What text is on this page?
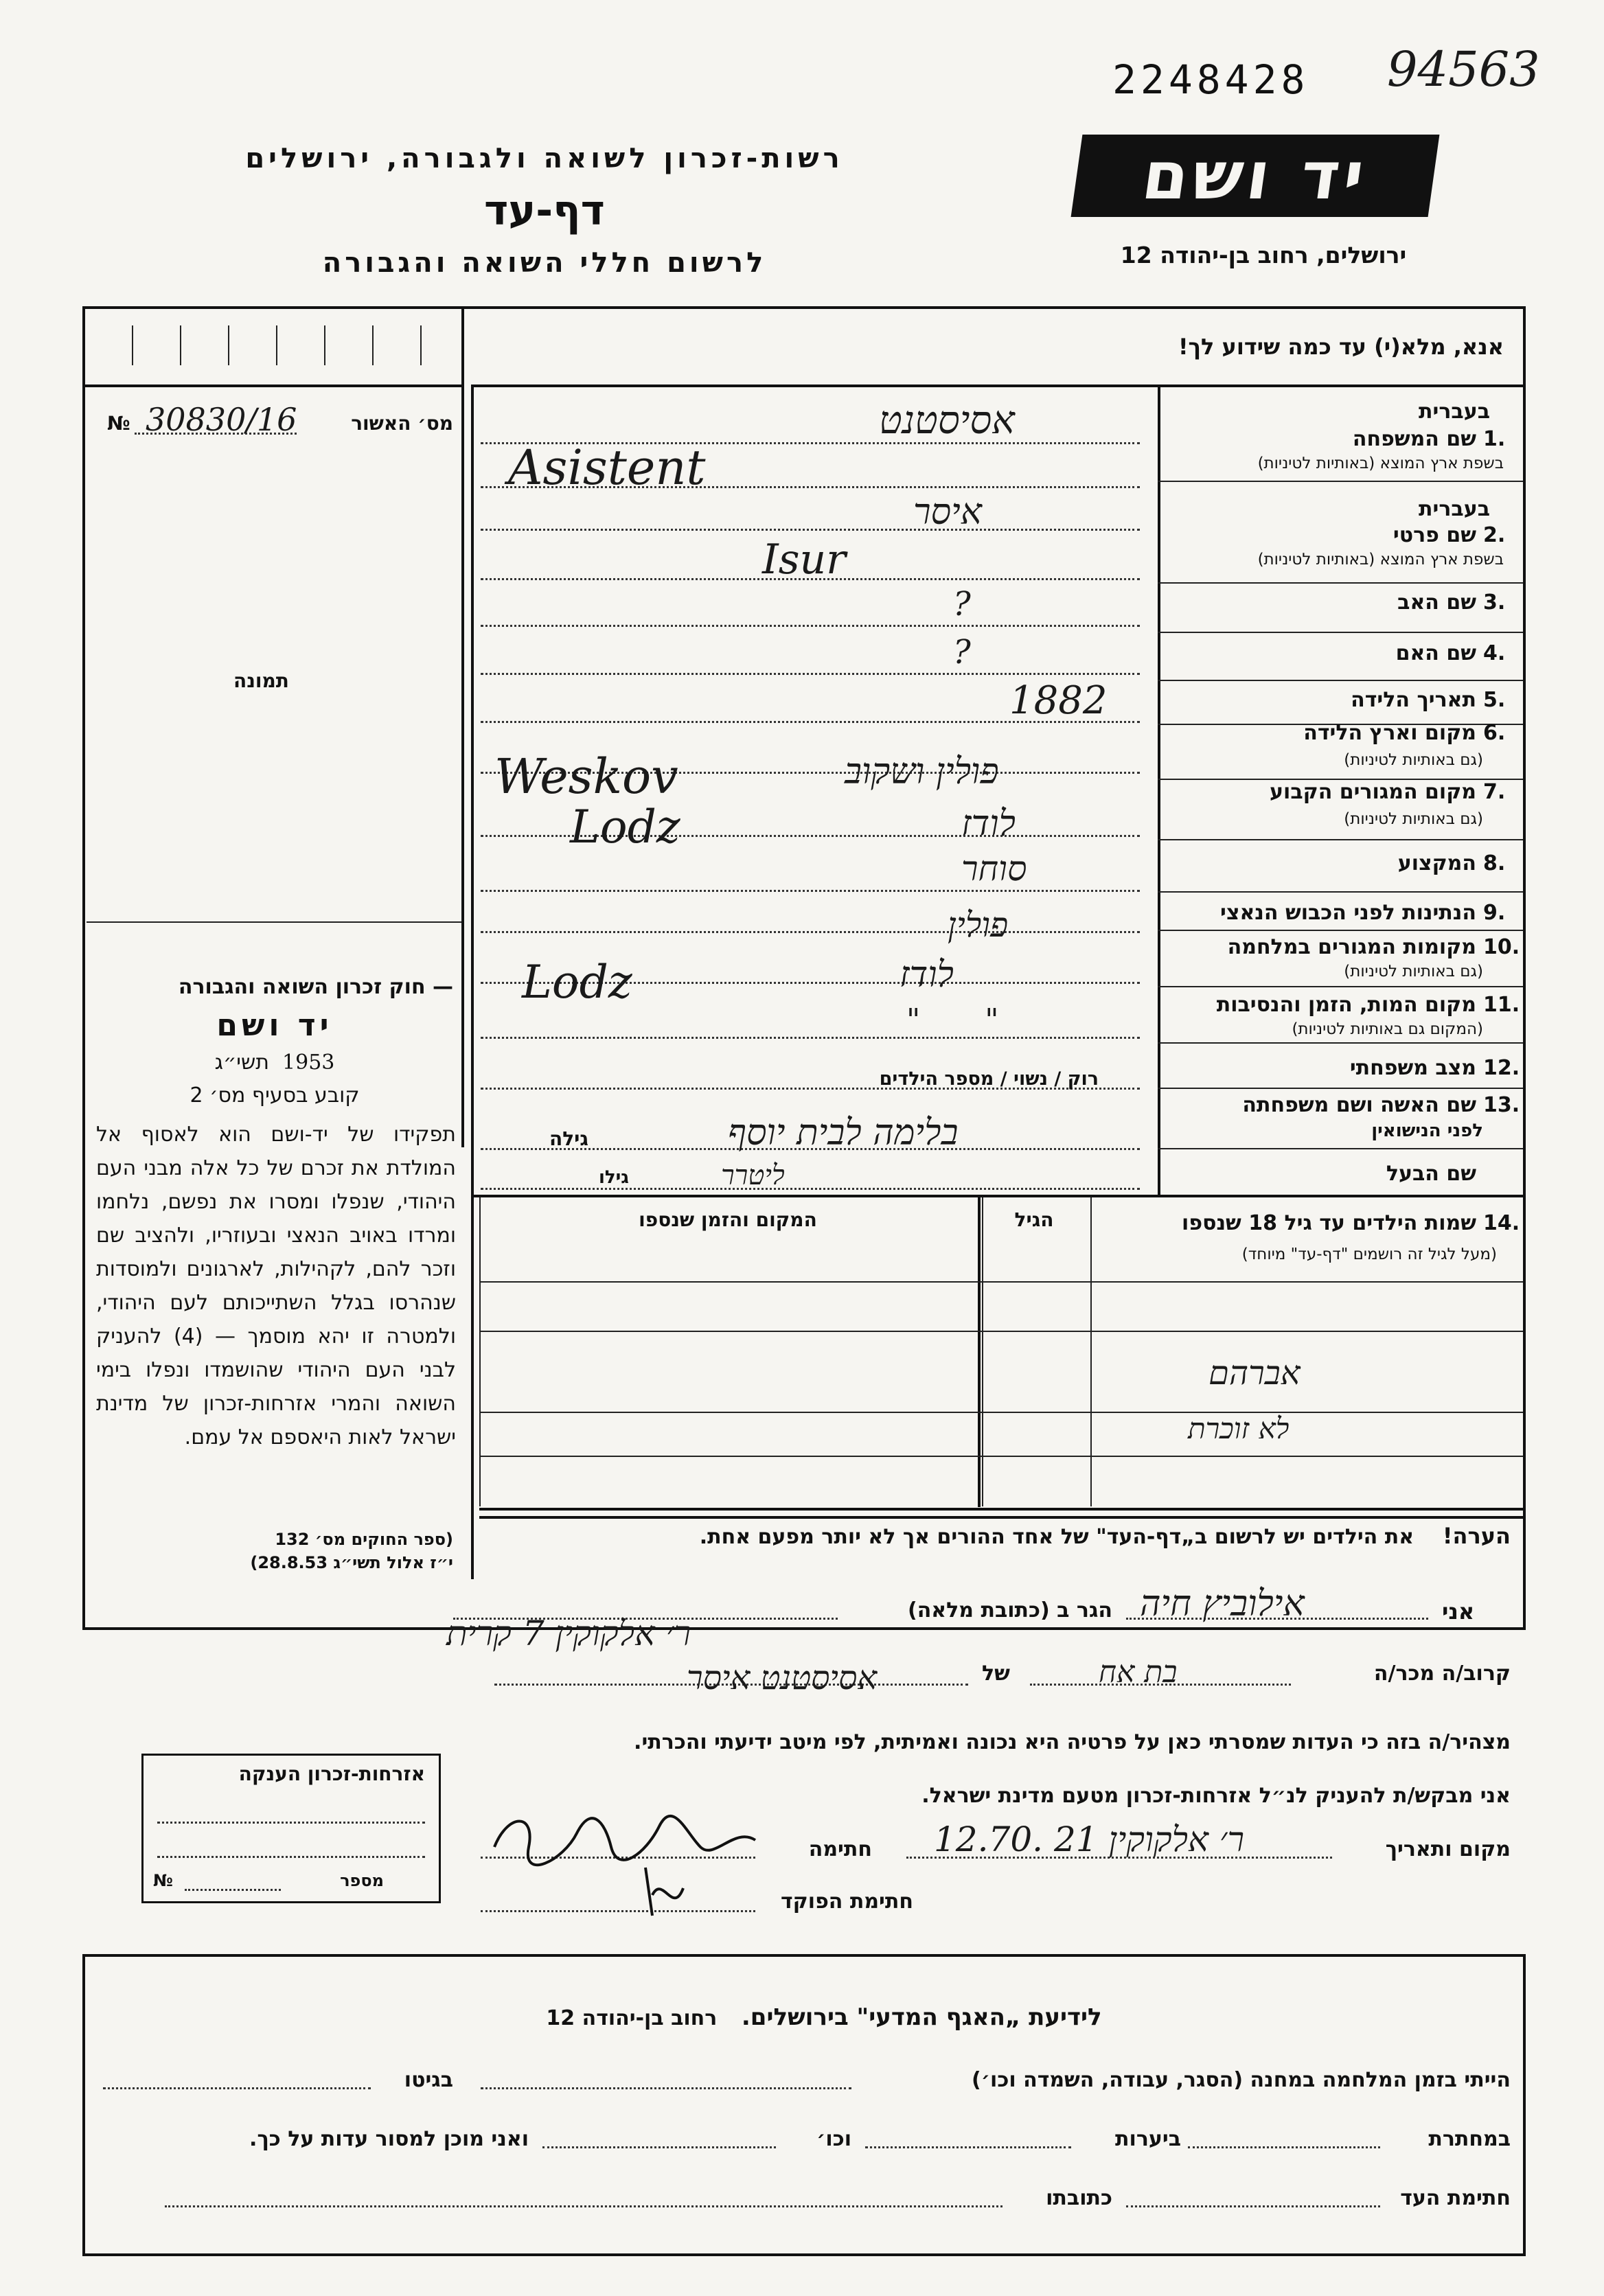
2248428 94563
רשות-זכרון לשואה ולגבורה, ירושלים
דף-עד
לרשום חללי השואה והגבורה
יד ושם
ירושלים, רחוב בן-יהודה 12
אנא, מלא(י) עד כמה שידוע לך!
מס׳ האשור
№ 30830/16
תמונה
— חוק זכרון השואה והגבורה
יד ושם
תשי״ג 1953
קובע בסעיף מס׳ 2
תפקידו של יד-ושם הוא לאסוף אל המולדת את זכרם של כל אלה מבני העם היהודי, שנפלו ומסרו את נפשם, נלחמו ומרדו באויב הנאצי ובעוזריו, ולהציב שם וזכר להם, לקהילות, לארגונים ולמוסדות שנהרסו בגלל השתייכותם לעם היהודי, ולמטרה זו יהא מוסמך — (4) להעניק לבני העם היהודי שהושמדו ונפלו בימי השואה והמרי אזרחות-זכרון של מדינת ישראל לאות היאספם אל עמם.
(ספר החוקים מס׳ 132
י״ז אלול תשי״ג 28.8.53)
בעברית
1.
שם המשפחה
בשפת ארץ המוצא (באותיות לטיניות)
אסיסטנט
Asistent
בעברית
2.
שם פרטי
בשפת ארץ המוצא (באותיות לטיניות)
איסר
Isur
3.
שם האב
?
4.
שם האם
?
5.
תאריך הלידה
1882
6.
מקום וארץ הלידה
(גם באותיות לטיניות)
פולין ושקוב
Weskov	7.
מקום המגורים הקבוע
(גם באותיות לטיניות)
לודז
Lodz
8.
המקצוע
סוחר
9.
הנתינות לפני הכבוש הנאצי
פולין
10.
מקומות המגורים במלחמה
(גם באותיות לטיניות)
לודז
Lodz	11.
מקום המות, הזמן והנסיבות
(המקום גם באותיות לטיניות)
" "
12.
מצב משפחתי
רוק / נשוי / מספר הילדים
13.
שם האשה ושם משפחתה
לפני הנישואין
בלימה לבית יוסף
גילה
שם הבעל
ליטרר
גילו
14.
שמות הילדים עד גיל 18 שנספו
(מעל לגיל זה רושמים "דף-עד" מיוחד)
הגיל
המקום והזמן שנספו
אברהם
לא זוכרת
הערה!    את הילדים יש לרשום ב„דף-העד" של אחד ההורים אך לא יותר מפעם אחת.
אני
אילוביץ חיה
הגר ב (כתובת מלאה)
ר׳ אלקוקין 7 קרית
קרוב/ה מכר/ה
בת אח
של
אסיסטנט איסר
מצהיר/ה בזה כי העדות שמסרתי כאן על פרטיה היא נכונה ואמיתית, לפי מיטב ידיעתי והכרתי.
אני מבקש/ת להעניק לנ״ל אזרחות-זכרון מטעם מדינת ישראל.
מקום ותאריך
ר׳ אלקוקין 21 .12.70
חתימה
חתימת הפוקד
אזרחות-זכרון הענקה
מספר
№
לידיעת „האגף המדעי" בירושלים.   רחוב בן-יהודה 12
הייתי בזמן המלחמה במחנה (הסגר, עבודה, השמדה וכו׳)
בגיטו
במחתרת
ביערות
וכו׳
ואני מוכן למסור עדות על כך.
חתימת העד
כתובתו
